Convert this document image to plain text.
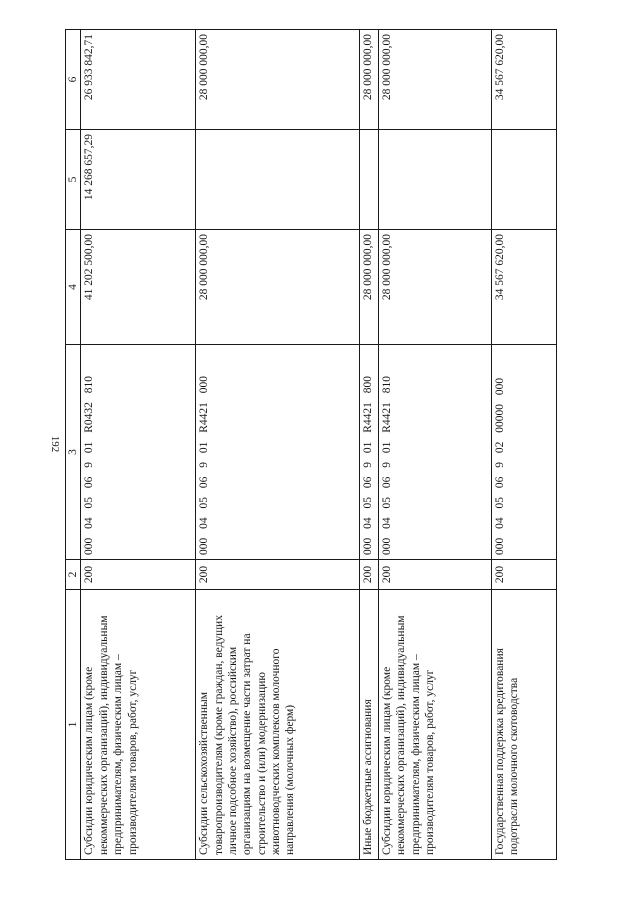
192
1	2	3	4	5	6
Субсидии юридическим лицам (кроме некоммерческих организаций), индивидуальным предпринимателям, физическим лицам – производителям товаров, работ, услуг	200	000 04 05 06 9 01 R0432 810	41 202 500,00	14 268 657,29	26 933 842,71
Субсидии сельскохозяйственным товаропроизводителям (кроме граждан, ведущих личное подсобное хозяйство), российским организациям на возмещение части затрат на строительство и (или) модернизацию животноводческих комплексов молочного направления (молочных ферм)	200	000 04 05 06 9 01 R4421 000	28 000 000,00		28 000 000,00
Иные бюджетные ассигнования	200	000 04 05 06 9 01 R4421 800	28 000 000,00		28 000 000,00
Субсидии юридическим лицам (кроме некоммерческих организаций), индивидуальным предпринимателям, физическим лицам – производителям товаров, работ, услуг	200	000 04 05 06 9 01 R4421 810	28 000 000,00		28 000 000,00
Государственная поддержка кредитования подотрасли молочного скотоводства	200	000 04 05 06 9 02 00000 000	34 567 620,00		34 567 620,00
